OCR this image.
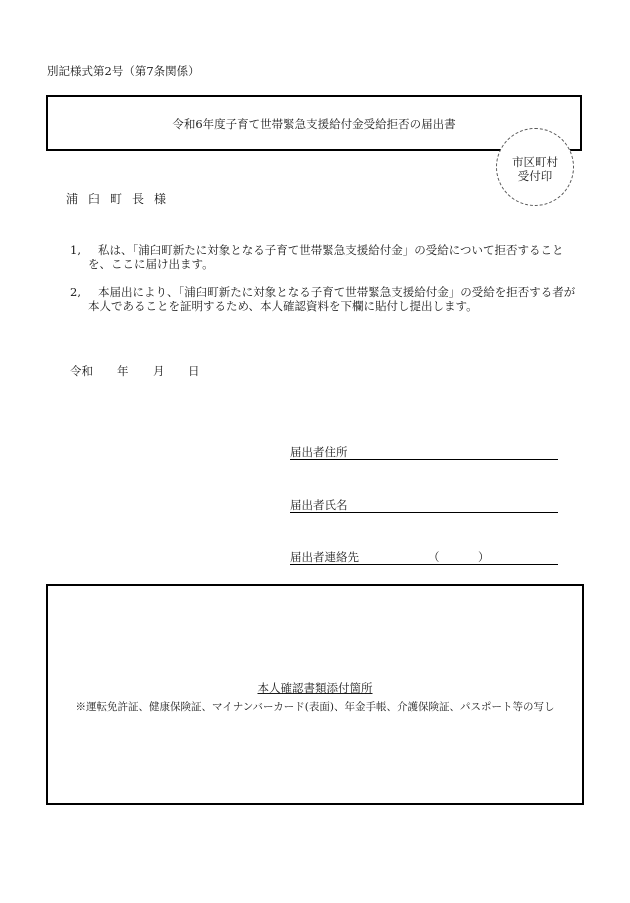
別記様式第2号（第7条関係）
令和6年度子育て世帯緊急支援給付金受給拒否の届出書
市区町村
受付印
浦臼町長様
1,	私は、「浦臼町新たに対象となる子育て世帯緊急支援給付金」の受給について拒否することを、ここに届け出ます。
2,	本届出により、「浦臼町新たに対象となる子育て世帯緊急支援給付金」の受給を拒否する者が本人であることを証明するため、本人確認資料を下欄に貼付し提出します。
令和 年 月 日
届出者住所
届出者氏名
届出者連絡先	（	）
本人確認書類添付箇所
※運転免許証、健康保険証、マイナンバーカード(表面)、年金手帳、介護保険証、パスポート等の写し
